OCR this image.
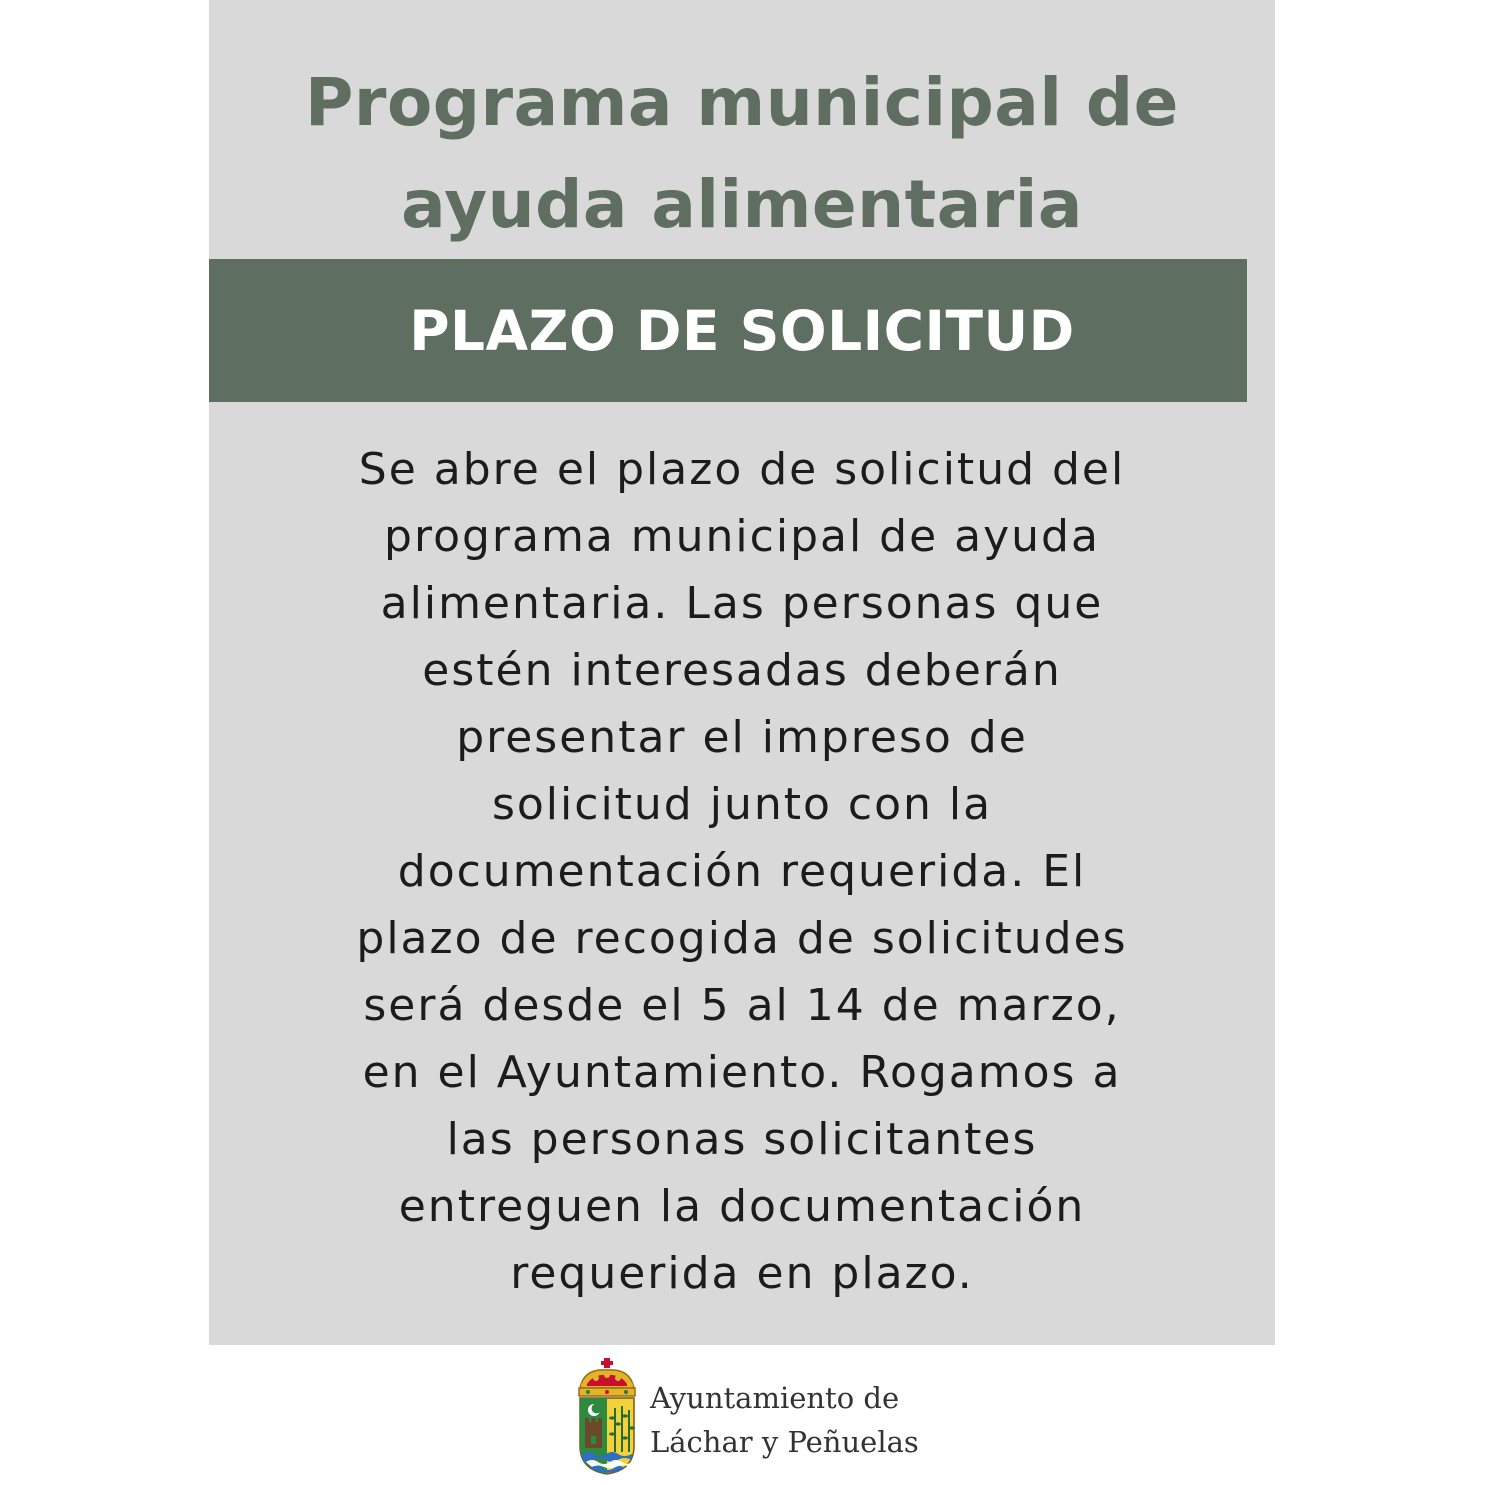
Programa municipal de
ayuda alimentaria
PLAZO DE SOLICITUD
Se abre el plazo de solicitud del
programa municipal de ayuda
alimentaria. Las personas que
estén interesadas deberán
presentar el impreso de
solicitud junto con la
documentación requerida. El
plazo de recogida de solicitudes
será desde el 5 al 14 de marzo,
en el Ayuntamiento. Rogamos a
las personas solicitantes
entreguen la documentación
requerida en plazo.
Ayuntamiento de
Láchar y Peñuelas
